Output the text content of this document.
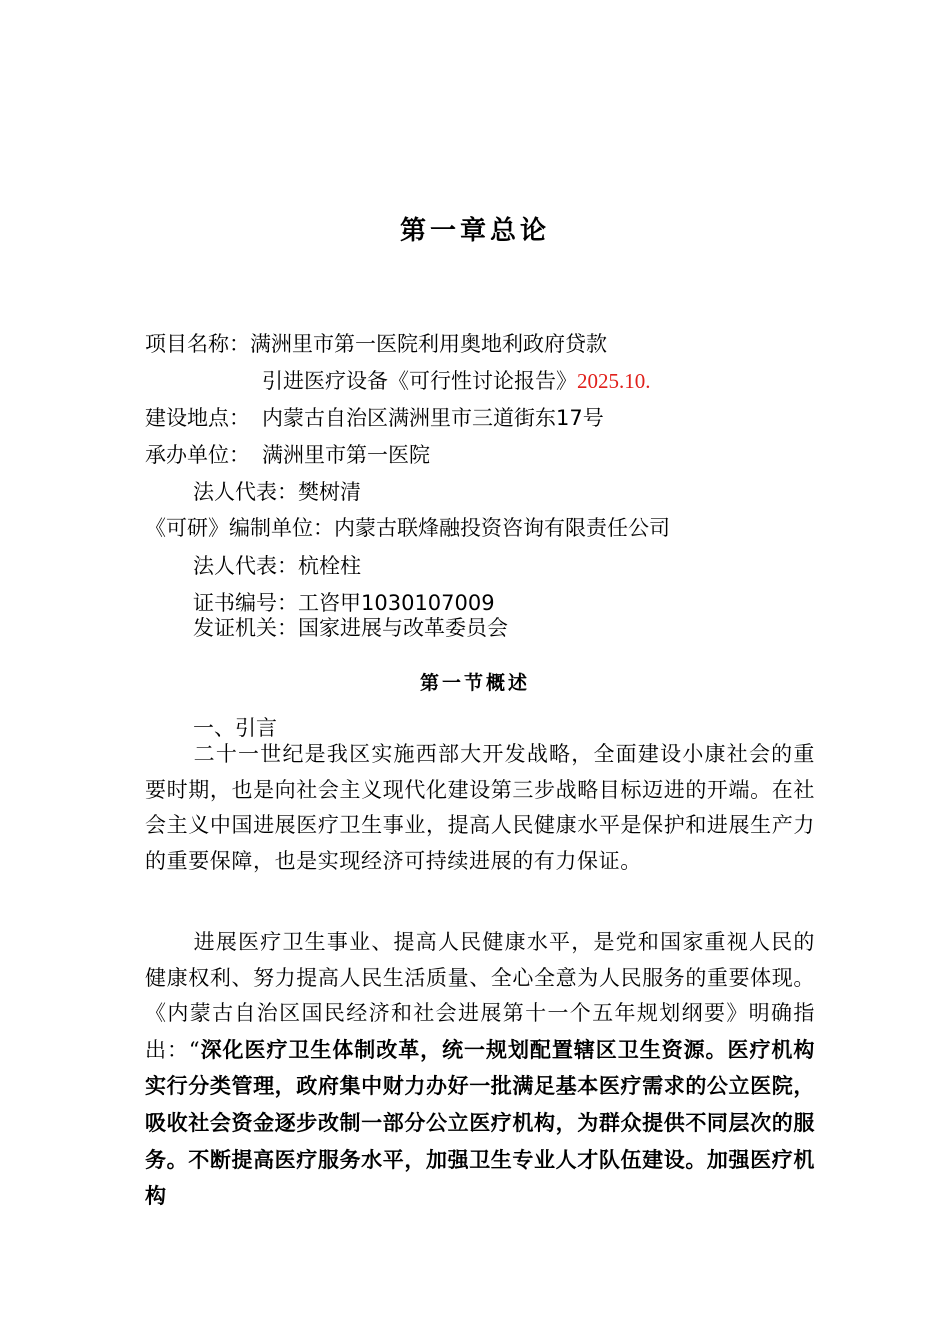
第一章总论
项目名称：满洲里市第一医院利用奥地利政府贷款
引进医疗设备《可行性讨论报告》2025.10.
建设地点： 内蒙古自治区满洲里市三道街东17号
承办单位： 满洲里市第一医院
法人代表：樊树清
《可研》编制单位：内蒙古联烽融投资咨询有限责任公司
法人代表：杭栓柱
证书编号：工咨甲1030107009
发证机关：国家进展与改革委员会
第一节概述
一、引言
二十一世纪是我区实施西部大开发战略，全面建设小康社会的重要时期，也是向社会主义现代化建设第三步战略目标迈进的开端。在社会主义中国进展医疗卫生事业，提高人民健康水平是保护和进展生产力的重要保障，也是实现经济可持续进展的有力保证。
进展医疗卫生事业、提高人民健康水平，是党和国家重视人民的健康权利、努力提高人民生活质量、全心全意为人民服务的重要体现。《内蒙古自治区国民经济和社会进展第十一个五年规划纲要》明确指出：“深化医疗卫生体制改革，统一规划配置辖区卫生资源。医疗机构实行分类管理，政府集中财力办好一批满足基本医疗需求的公立医院，吸收社会资金逐步改制一部分公立医疗机构，为群众提供不同层次的服务。不断提高医疗服务水平，加强卫生专业人才队伍建设。加强医疗机构
